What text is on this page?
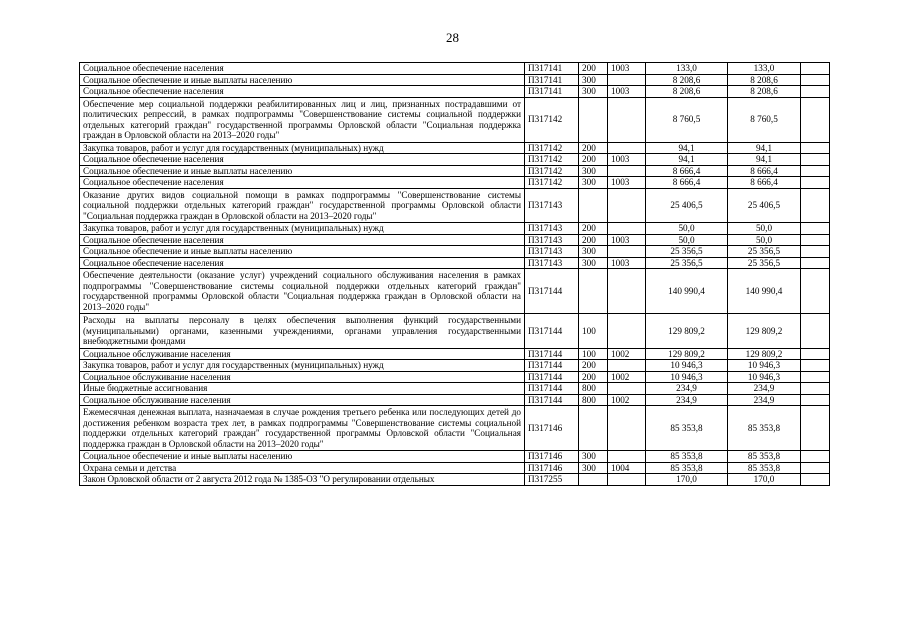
28
Социальное обеспечение населения	П317141	200	1003	133,0	133,0	
Социальное обеспечение и иные выплаты населению	П317141	300		8 208,6	8 208,6	
Социальное обеспечение населения	П317141	300	1003	8 208,6	8 208,6	
Обеспечение мер социальной поддержки реабилитированных лиц и лиц, признанных пострадавшими от политических репрессий, в рамках подпрограммы "Совершенствование системы социальной поддержки отдельных категорий граждан" государственной программы Орловской области "Социальная поддержка граждан в Орловской области на 2013–2020 годы"	П317142			8 760,5	8 760,5	
Закупка товаров, работ и услуг для государственных (муниципальных) нужд	П317142	200		94,1	94,1	
Социальное обеспечение населения	П317142	200	1003	94,1	94,1	
Социальное обеспечение и иные выплаты населению	П317142	300		8 666,4	8 666,4	
Социальное обеспечение населения	П317142	300	1003	8 666,4	8 666,4	
Оказание других видов социальной помощи в рамках подпрограммы "Совершенствование системы социальной поддержки отдельных категорий граждан" государственной программы Орловской области "Социальная поддержка граждан в Орловской области на 2013–2020 годы"	П317143			25 406,5	25 406,5	
Закупка товаров, работ и услуг для государственных (муниципальных) нужд	П317143	200		50,0	50,0	
Социальное обеспечение населения	П317143	200	1003	50,0	50,0	
Социальное обеспечение и иные выплаты населению	П317143	300		25 356,5	25 356,5	
Социальное обеспечение населения	П317143	300	1003	25 356,5	25 356,5	
Обеспечение деятельности (оказание услуг) учреждений социального обслуживания населения в рамках подпрограммы "Совершенствование системы социальной поддержки отдельных категорий граждан" государственной программы Орловской области "Социальная поддержка граждан в Орловской области на 2013–2020 годы"	П317144			140 990,4	140 990,4	
Расходы на выплаты персоналу в целях обеспечения выполнения функций государственными (муниципальными) органами, казенными учреждениями, органами управления государственными внебюджетными фондами	П317144	100		129 809,2	129 809,2	
Социальное обслуживание населения	П317144	100	1002	129 809,2	129 809,2	
Закупка товаров, работ и услуг для государственных (муниципальных) нужд	П317144	200		10 946,3	10 946,3	
Социальное обслуживание населения	П317144	200	1002	10 946,3	10 946,3	
Иные бюджетные ассигнования	П317144	800		234,9	234,9	
Социальное обслуживание населения	П317144	800	1002	234,9	234,9	
Ежемесячная денежная выплата, назначаемая в случае рождения третьего ребенка или последующих детей до достижения ребенком возраста трех лет, в рамках подпрограммы "Совершенствование системы социальной поддержки отдельных категорий граждан" государственной программы Орловской области "Социальная поддержка граждан в Орловской области на 2013–2020 годы"	П317146			85 353,8	85 353,8	
Социальное обеспечение и иные выплаты населению	П317146	300		85 353,8	85 353,8	
Охрана семьи и детства	П317146	300	1004	85 353,8	85 353,8	
Закон Орловской области от 2 августа 2012 года № 1385-ОЗ "О регулировании отдельных	П317255			170,0	170,0	
